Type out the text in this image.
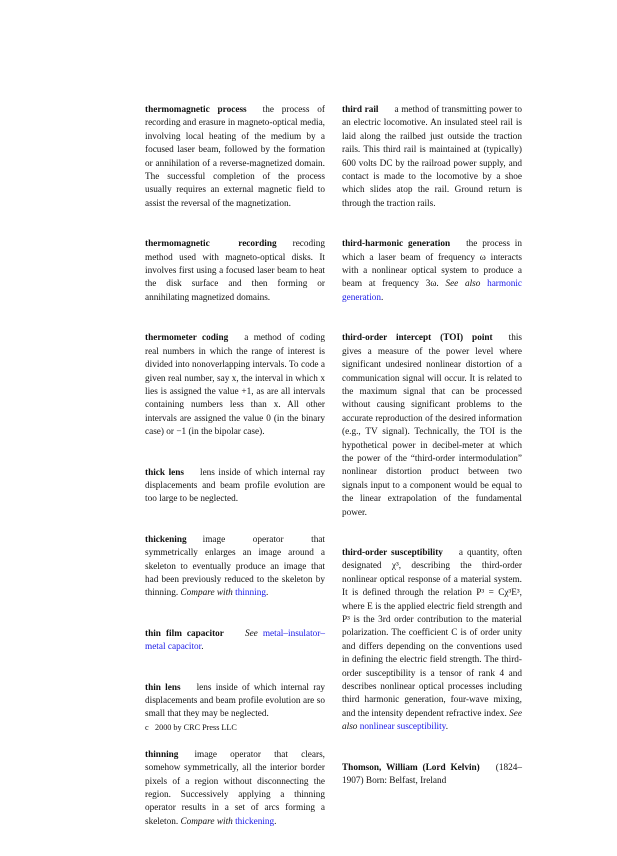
thermomagnetic process the process of recording and erasure in magneto-optical media, involving local heating of the medium by a focused laser beam, followed by the formation or annihilation of a reverse-magnetized domain. The successful completion of the process usually requires an external magnetic field to assist the reversal of the magnetization.

thermomagnetic recording recoding method used with magneto-optical disks. It involves first using a focused laser beam to heat the disk surface and then forming or annihilating magnetized domains.

thermometer coding a method of coding real numbers in which the range of interest is divided into nonoverlapping intervals. To code a given real number, say x, the interval in which x lies is assigned the value +1, as are all intervals containing numbers less than x. All other intervals are assigned the value 0 (in the binary case) or −1 (in the bipolar case).

thick lens lens inside of which internal ray displacements and beam profile evolution are too large to be neglected.

thickening image operator that symmetrically enlarges an image around a skeleton to eventually produce an image that had been previously reduced to the skeleton by thinning. Compare with thinning.

thin film capacitor See metal–insulator–metal capacitor.

thin lens lens inside of which internal ray displacements and beam profile evolution are so small that they may be neglected.

thinning image operator that clears, somehow symmetrically, all the interior border pixels of a region without disconnecting the region. Successively applying a thinning operator results in a set of arcs forming a skeleton. Compare with thickening.

third rail a method of transmitting power to an electric locomotive. An insulated steel rail is laid along the railbed just outside the traction rails. This third rail is maintained at (typically) 600 volts DC by the railroad power supply, and contact is made to the locomotive by a shoe which slides atop the rail. Ground return is through the traction rails.

third-harmonic generation the process in which a laser beam of frequency ω interacts with a nonlinear optical system to produce a beam at frequency 3ω. See also harmonic generation.

third-order intercept (TOI) point this gives a measure of the power level where significant undesired nonlinear distortion of a communication signal will occur. It is related to the maximum signal that can be processed without causing significant problems to the accurate reproduction of the desired information (e.g., TV signal). Technically, the TOI is the hypothetical power in decibel-meter at which the power of the “third-order intermodulation” nonlinear distortion product between two signals input to a component would be equal to the linear extrapolation of the fundamental power.

third-order susceptibility a quantity, often designated χ³, describing the third-order nonlinear optical response of a material system. It is defined through the relation P³ = Cχ³E³, where E is the applied electric field strength and P³ is the 3rd order contribution to the material polarization. The coefficient C is of order unity and differs depending on the conventions used in defining the electric field strength. The third-order susceptibility is a tensor of rank 4 and describes nonlinear optical processes including third harmonic generation, four-wave mixing, and the intensity dependent refractive index. See also nonlinear susceptibility.

Thomson, William (Lord Kelvin) (1824–1907) Born: Belfast, Ireland

c⃝2000 by CRC Press LLC
